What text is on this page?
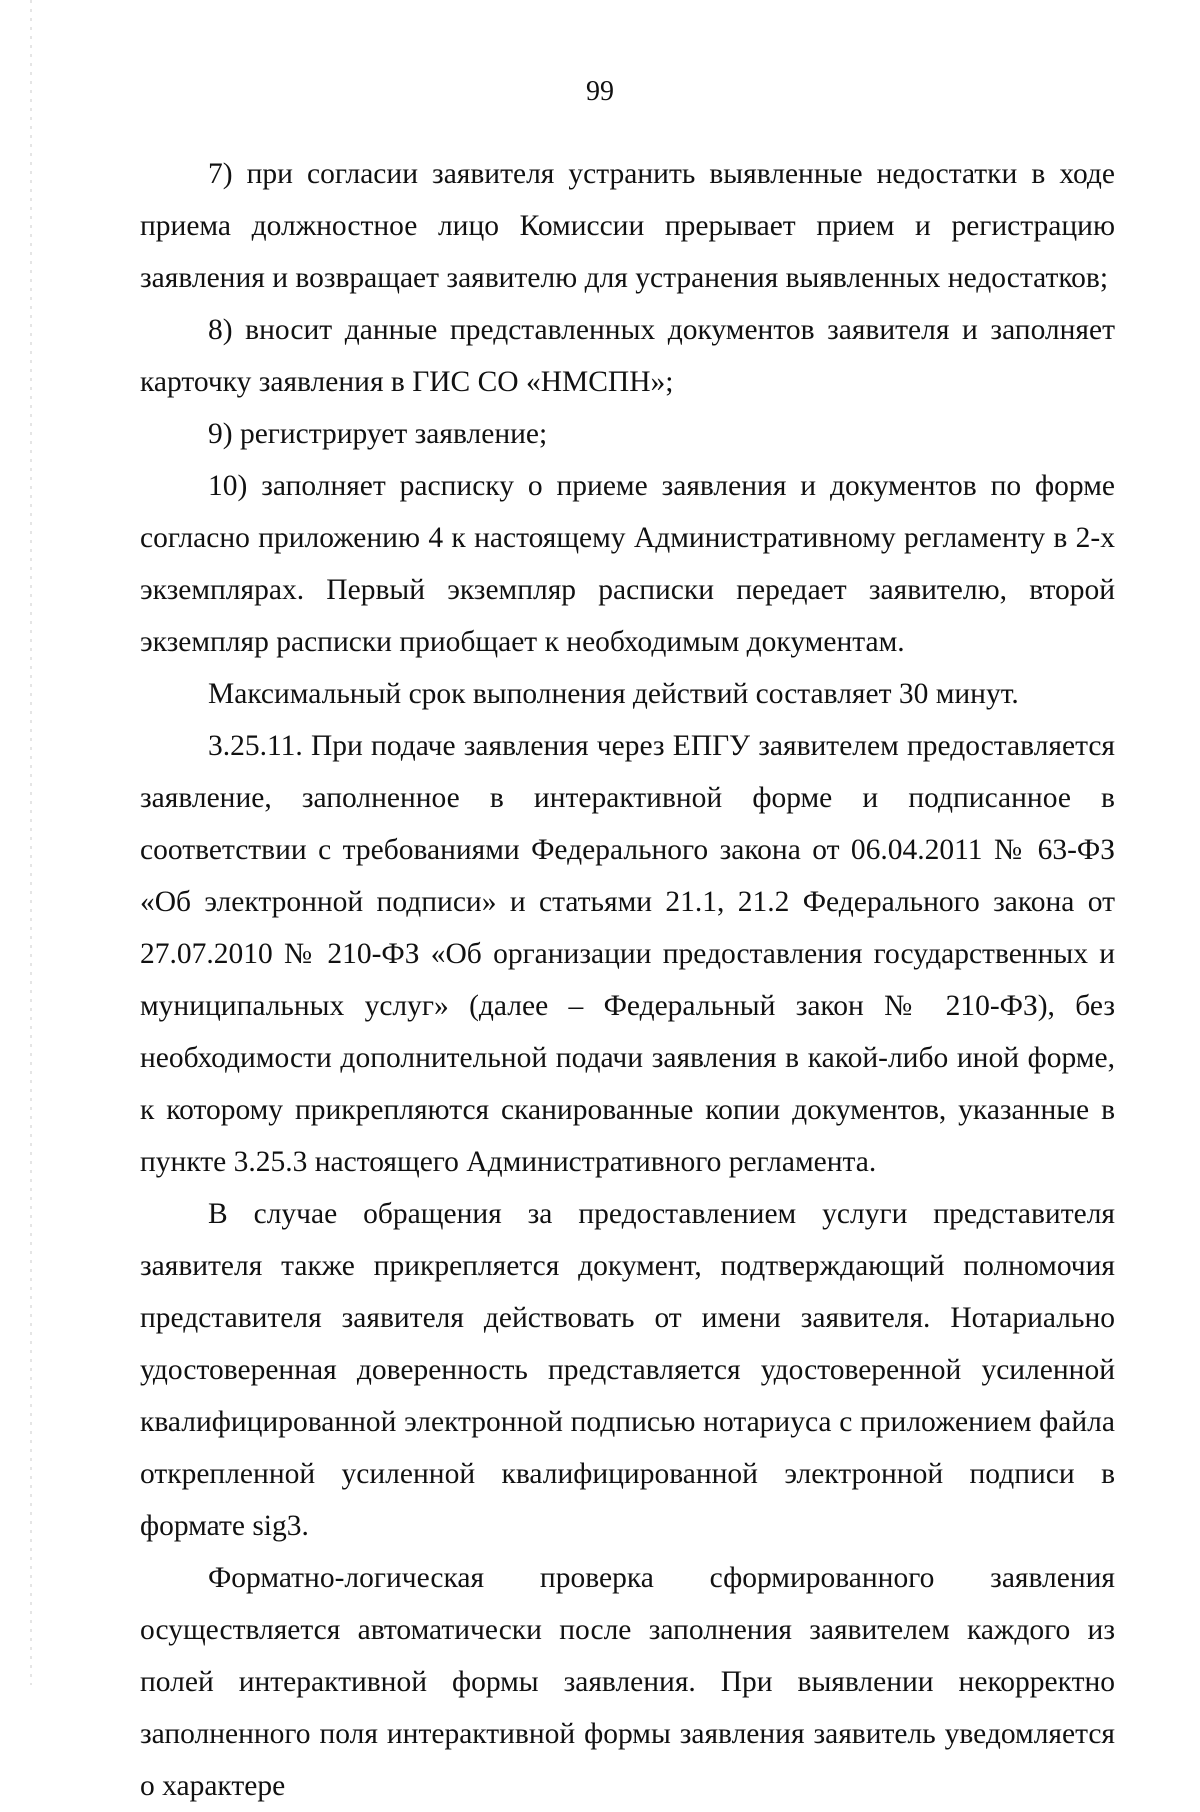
99

7) при согласии заявителя устранить выявленные недостатки в ходе приема должностное лицо Комиссии прерывает прием и регистрацию заявления и возвращает заявителю для устранения выявленных недостатков;

8) вносит данные представленных документов заявителя и заполняет карточку заявления в ГИС СО «НМСПН»;

9) регистрирует заявление;

10) заполняет расписку о приеме заявления и документов по форме согласно приложению 4 к настоящему Административному регламенту в 2-х экземплярах. Первый экземпляр расписки передает заявителю, второй экземпляр расписки приобщает к необходимым документам.

Максимальный срок выполнения действий составляет 30 минут.

3.25.11. При подаче заявления через ЕПГУ заявителем предоставляется заявление, заполненное в интерактивной форме и подписанное в соответствии с требованиями Федерального закона от 06.04.2011 № 63-ФЗ «Об электронной подписи» и статьями 21.1, 21.2 Федерального закона от 27.07.2010 № 210-ФЗ «Об организации предоставления государственных и муниципальных услуг» (далее – Федеральный закон № 210-ФЗ), без необходимости дополнительной подачи заявления в какой-либо иной форме, к которому прикрепляются сканированные копии документов, указанные в пункте 3.25.3 настоящего Административного регламента.

В случае обращения за предоставлением услуги представителя заявителя также прикрепляется документ, подтверждающий полномочия представителя заявителя действовать от имени заявителя. Нотариально удостоверенная доверенность представляется удостоверенной усиленной квалифицированной электронной подписью нотариуса с приложением файла открепленной усиленной квалифицированной электронной подписи в формате sig3.

Форматно-логическая проверка сформированного заявления осуществляется автоматически после заполнения заявителем каждого из полей интерактивной формы заявления. При выявлении некорректно заполненного поля интерактивной формы заявления заявитель уведомляется о характере
